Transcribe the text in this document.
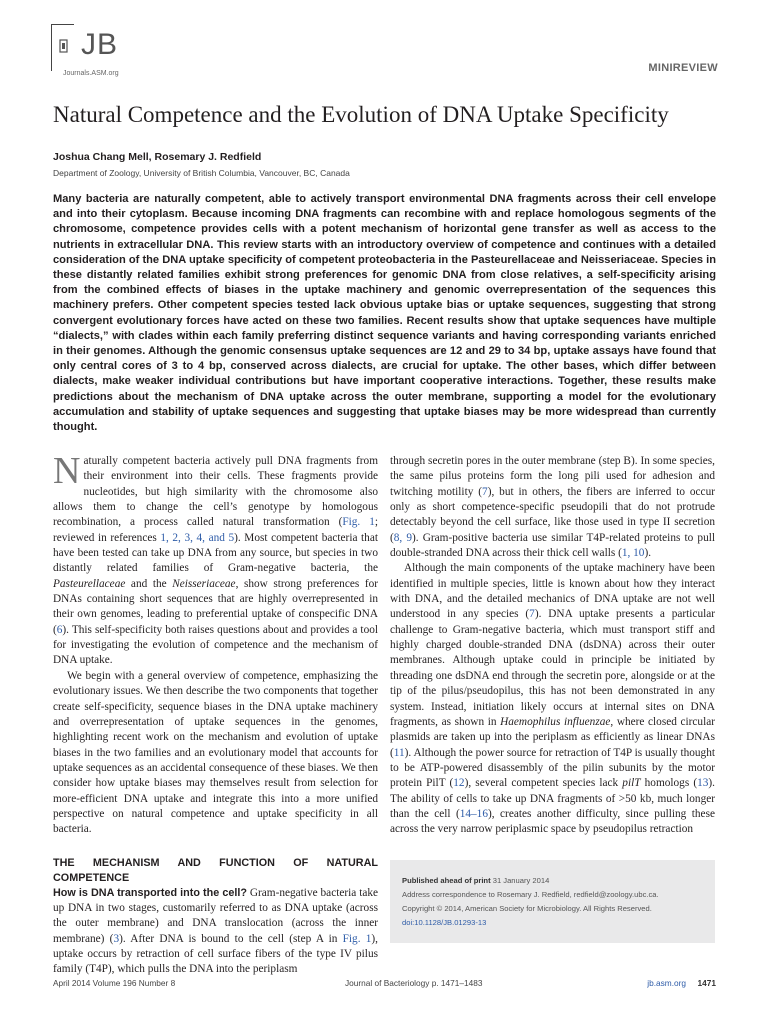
JB
Journals.ASM.org	MINIREVIEW
Natural Competence and the Evolution of DNA Uptake Specificity
Joshua Chang Mell, Rosemary J. Redfield
Department of Zoology, University of British Columbia, Vancouver, BC, Canada

Many bacteria are naturally competent, able to actively transport environmental DNA fragments across their cell envelope and into their cytoplasm. Because incoming DNA fragments can recombine with and replace homologous segments of the chromosome, competence provides cells with a potent mechanism of horizontal gene transfer as well as access to the nutrients in extracellular DNA. This review starts with an introductory overview of competence and continues with a detailed consideration of the DNA uptake specificity of competent proteobacteria in the Pasteurellaceae and Neisseriaceae. Species in these distantly related families exhibit strong preferences for genomic DNA from close relatives, a self-specificity arising from the combined effects of biases in the uptake machinery and genomic overrepresentation of the sequences this machinery prefers. Other competent species tested lack obvious uptake bias or uptake sequences, suggesting that strong convergent evolutionary forces have acted on these two families. Recent results show that uptake sequences have multiple “dialects,” with clades within each family preferring distinct sequence variants and having corresponding variants enriched in their genomes. Although the genomic consensus uptake sequences are 12 and 29 to 34 bp, uptake assays have found that only central cores of 3 to 4 bp, conserved across dialects, are crucial for uptake. The other bases, which differ between dialects, make weaker individual contributions but have important cooperative interactions. Together, these results make predictions about the mechanism of DNA uptake across the outer membrane, supporting a model for the evolutionary accumulation and stability of uptake sequences and suggesting that uptake biases may be more widespread than currently thought.

Naturally competent bacteria actively pull DNA fragments from their environment into their cells. These fragments provide nucleotides, but high similarity with the chromosome also allows them to change the cell’s genotype by homologous recombination, a process called natural transformation (Fig. 1; reviewed in references 1, 2, 3, 4, and 5). Most competent bacteria that have been tested can take up DNA from any source, but species in two distantly related families of Gram-negative bacteria, the Pasteurellaceae and the Neisseriaceae, show strong preferences for DNAs containing short sequences that are highly overrepresented in their own genomes, leading to preferential uptake of conspecific DNA (6). This self-specificity both raises questions about and provides a tool for investigating the evolution of competence and the mechanism of DNA uptake.

We begin with a general overview of competence, emphasizing the evolutionary issues. We then describe the two components that together create self-specificity, sequence biases in the DNA uptake machinery and overrepresentation of uptake sequences in the genomes, highlighting recent work on the mechanism and evolution of uptake biases in the two families and an evolutionary model that accounts for uptake sequences as an accidental consequence of these biases. We then consider how uptake biases may themselves result from selection for more-efficient DNA uptake and integrate this into a more unified perspective on natural competence and uptake specificity in all bacteria.

THE MECHANISM AND FUNCTION OF NATURAL COMPETENCE

How is DNA transported into the cell? Gram-negative bacteria take up DNA in two stages, customarily referred to as DNA uptake (across the outer membrane) and DNA translocation (across the inner membrane) (3). After DNA is bound to the cell (step A in Fig. 1), uptake occurs by retraction of cell surface fibers of the type IV pilus family (T4P), which pulls the DNA into the periplasm

through secretin pores in the outer membrane (step B). In some species, the same pilus proteins form the long pili used for adhesion and twitching motility (7), but in others, the fibers are inferred to occur only as short competence-specific pseudopili that do not protrude detectably beyond the cell surface, like those used in type II secretion (8, 9). Gram-positive bacteria use similar T4P-related proteins to pull double-stranded DNA across their thick cell walls (1, 10).

Although the main components of the uptake machinery have been identified in multiple species, little is known about how they interact with DNA, and the detailed mechanics of DNA uptake are not well understood in any species (7). DNA uptake presents a particular challenge to Gram-negative bacteria, which must transport stiff and highly charged double-stranded DNA (dsDNA) across their outer membranes. Although uptake could in principle be initiated by threading one dsDNA end through the secretin pore, alongside or at the tip of the pilus/pseudopilus, this has not been demonstrated in any system. Instead, initiation likely occurs at internal sites on DNA fragments, as shown in Haemophilus influenzae, where closed circular plasmids are taken up into the periplasm as efficiently as linear DNAs (11). Although the power source for retraction of T4P is usually thought to be ATP-powered disassembly of the pilin subunits by the motor protein PilT (12), several competent species lack pilT homologs (13). The ability of cells to take up DNA fragments of >50 kb, much longer than the cell (14–16), creates another difficulty, since pulling these across the very narrow periplasmic space by pseudopilus retraction

Published ahead of print 31 January 2014
Address correspondence to Rosemary J. Redfield, redfield@zoology.ubc.ca.
Copyright © 2014, American Society for Microbiology. All Rights Reserved.
doi:10.1128/JB.01293-13
April 2014 Volume 196 Number 8	Journal of Bacteriology p. 1471–1483	jb.asm.org 1471
